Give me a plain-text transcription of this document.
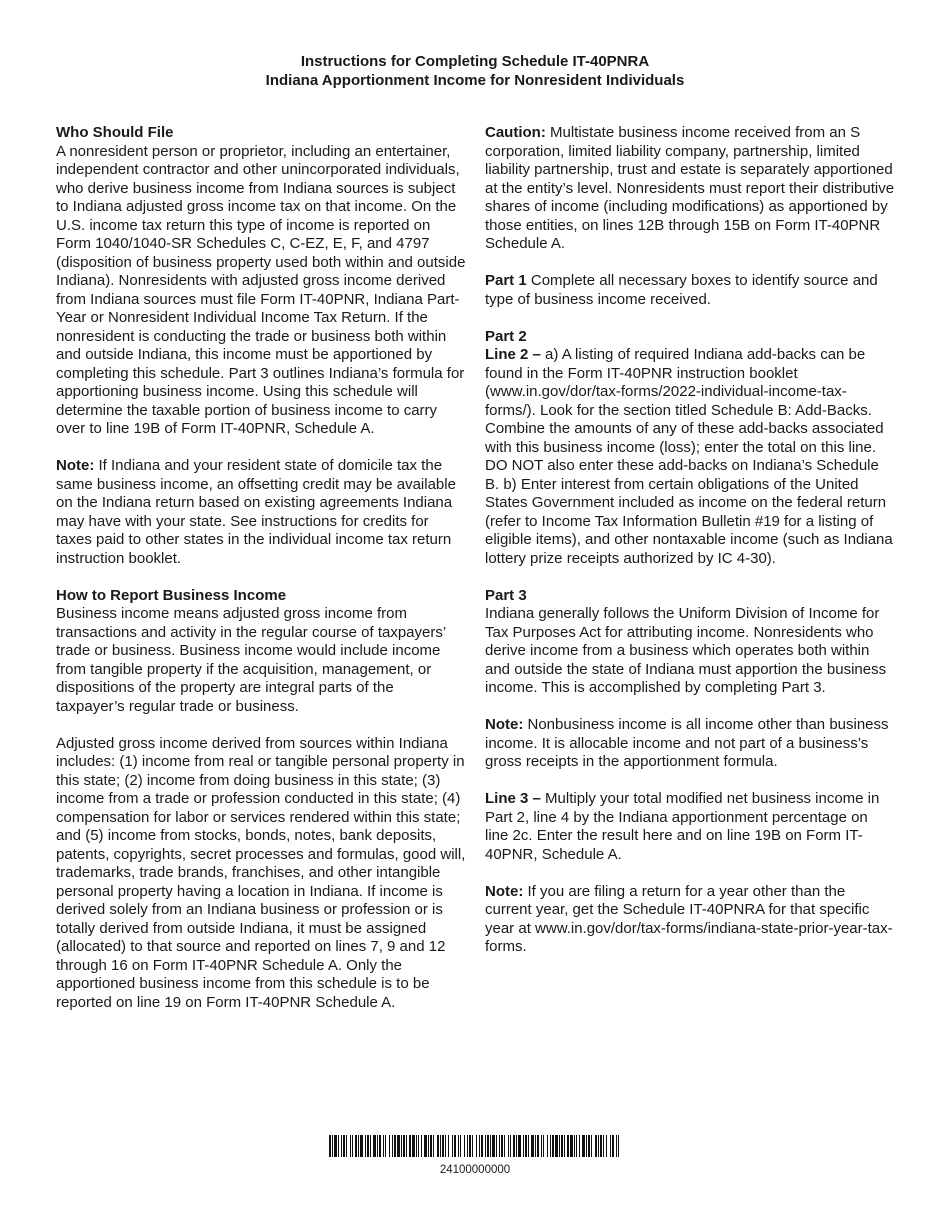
Instructions for Completing Schedule IT-40PNRA
Indiana Apportionment Income for Nonresident Individuals
Who Should File

A nonresident person or proprietor, including an entertainer, independent contractor and other unincorporated individuals, who derive business income from Indiana sources is subject to Indiana adjusted gross income tax on that income. On the U.S. income tax return this type of income is reported on Form 1040/1040-SR Schedules C, C-EZ, E, F, and 4797 (disposition of business property used both within and outside Indiana). Nonresidents with adjusted gross income derived from Indiana sources must file Form IT-40PNR, Indiana Part-Year or Nonresident Individual Income Tax Return. If the nonresident is conducting the trade or business both within and outside Indiana, this income must be apportioned by completing this schedule. Part 3 outlines Indiana’s formula for apportioning business income. Using this schedule will determine the taxable portion of business income to carry over to line 19B of Form IT-40PNR, Schedule A.

Note: If Indiana and your resident state of domicile tax the same business income, an offsetting credit may be available on the Indiana return based on existing agreements Indiana may have with your state. See instructions for credits for taxes paid to other states in the individual income tax return instruction booklet.

How to Report Business Income

Business income means adjusted gross income from transactions and activity in the regular course of taxpayers’ trade or business. Business income would include income from tangible property if the acquisition, management, or dispositions of the property are integral parts of the taxpayer’s regular trade or business.

Adjusted gross income derived from sources within Indiana includes: (1) income from real or tangible personal property in this state; (2) income from doing business in this state; (3) income from a trade or profession conducted in this state; (4) compensation for labor or services rendered within this state; and (5) income from stocks, bonds, notes, bank deposits, patents, copyrights, secret processes and formulas, good will, trademarks, trade brands, franchises, and other intangible personal property having a location in Indiana. If income is derived solely from an Indiana business or profession or is totally derived from outside Indiana, it must be assigned (allocated) to that source and reported on lines 7, 9 and 12 through 16 on Form IT-40PNR Schedule A. Only the apportioned business income from this schedule is to be reported on line 19 on Form IT-40PNR Schedule A.

Caution: Multistate business income received from an S corporation, limited liability company, partnership, limited liability partnership, trust and estate is separately apportioned at the entity’s level. Nonresidents must report their distributive shares of income (including modifications) as apportioned by those entities, on lines 12B through 15B on Form IT-40PNR Schedule A.

Part 1 Complete all necessary boxes to identify source and type of business income received.

Part 2

Line 2 – a) A listing of required Indiana add-backs can be found in the Form IT-40PNR instruction booklet (www.in.gov/dor/tax-forms/2022-individual-income-tax-forms/). Look for the section titled Schedule B: Add-Backs. Combine the amounts of any of these add-backs associated with this business income (loss); enter the total on this line. DO NOT also enter these add-backs on Indiana’s Schedule B. b) Enter interest from certain obligations of the United States Government included as income on the federal return (refer to Income Tax Information Bulletin #19 for a listing of eligible items), and other nontaxable income (such as Indiana lottery prize receipts authorized by IC 4-30).

Part 3

Indiana generally follows the Uniform Division of Income for Tax Purposes Act for attributing income. Nonresidents who derive income from a business which operates both within and outside the state of Indiana must apportion the business income. This is accomplished by completing Part 3.

Note: Nonbusiness income is all income other than business income. It is allocable income and not part of a business’s gross receipts in the apportionment formula.

Line 3 – Multiply your total modified net business income in Part 2, line 4 by the Indiana apportionment percentage on line 2c. Enter the result here and on line 19B on Form IT-40PNR, Schedule A.

Note: If you are filing a return for a year other than the current year, get the Schedule IT-40PNRA for that specific year at www.in.gov/dor/tax-forms/indiana-state-prior-year-tax-forms.

24100000000
